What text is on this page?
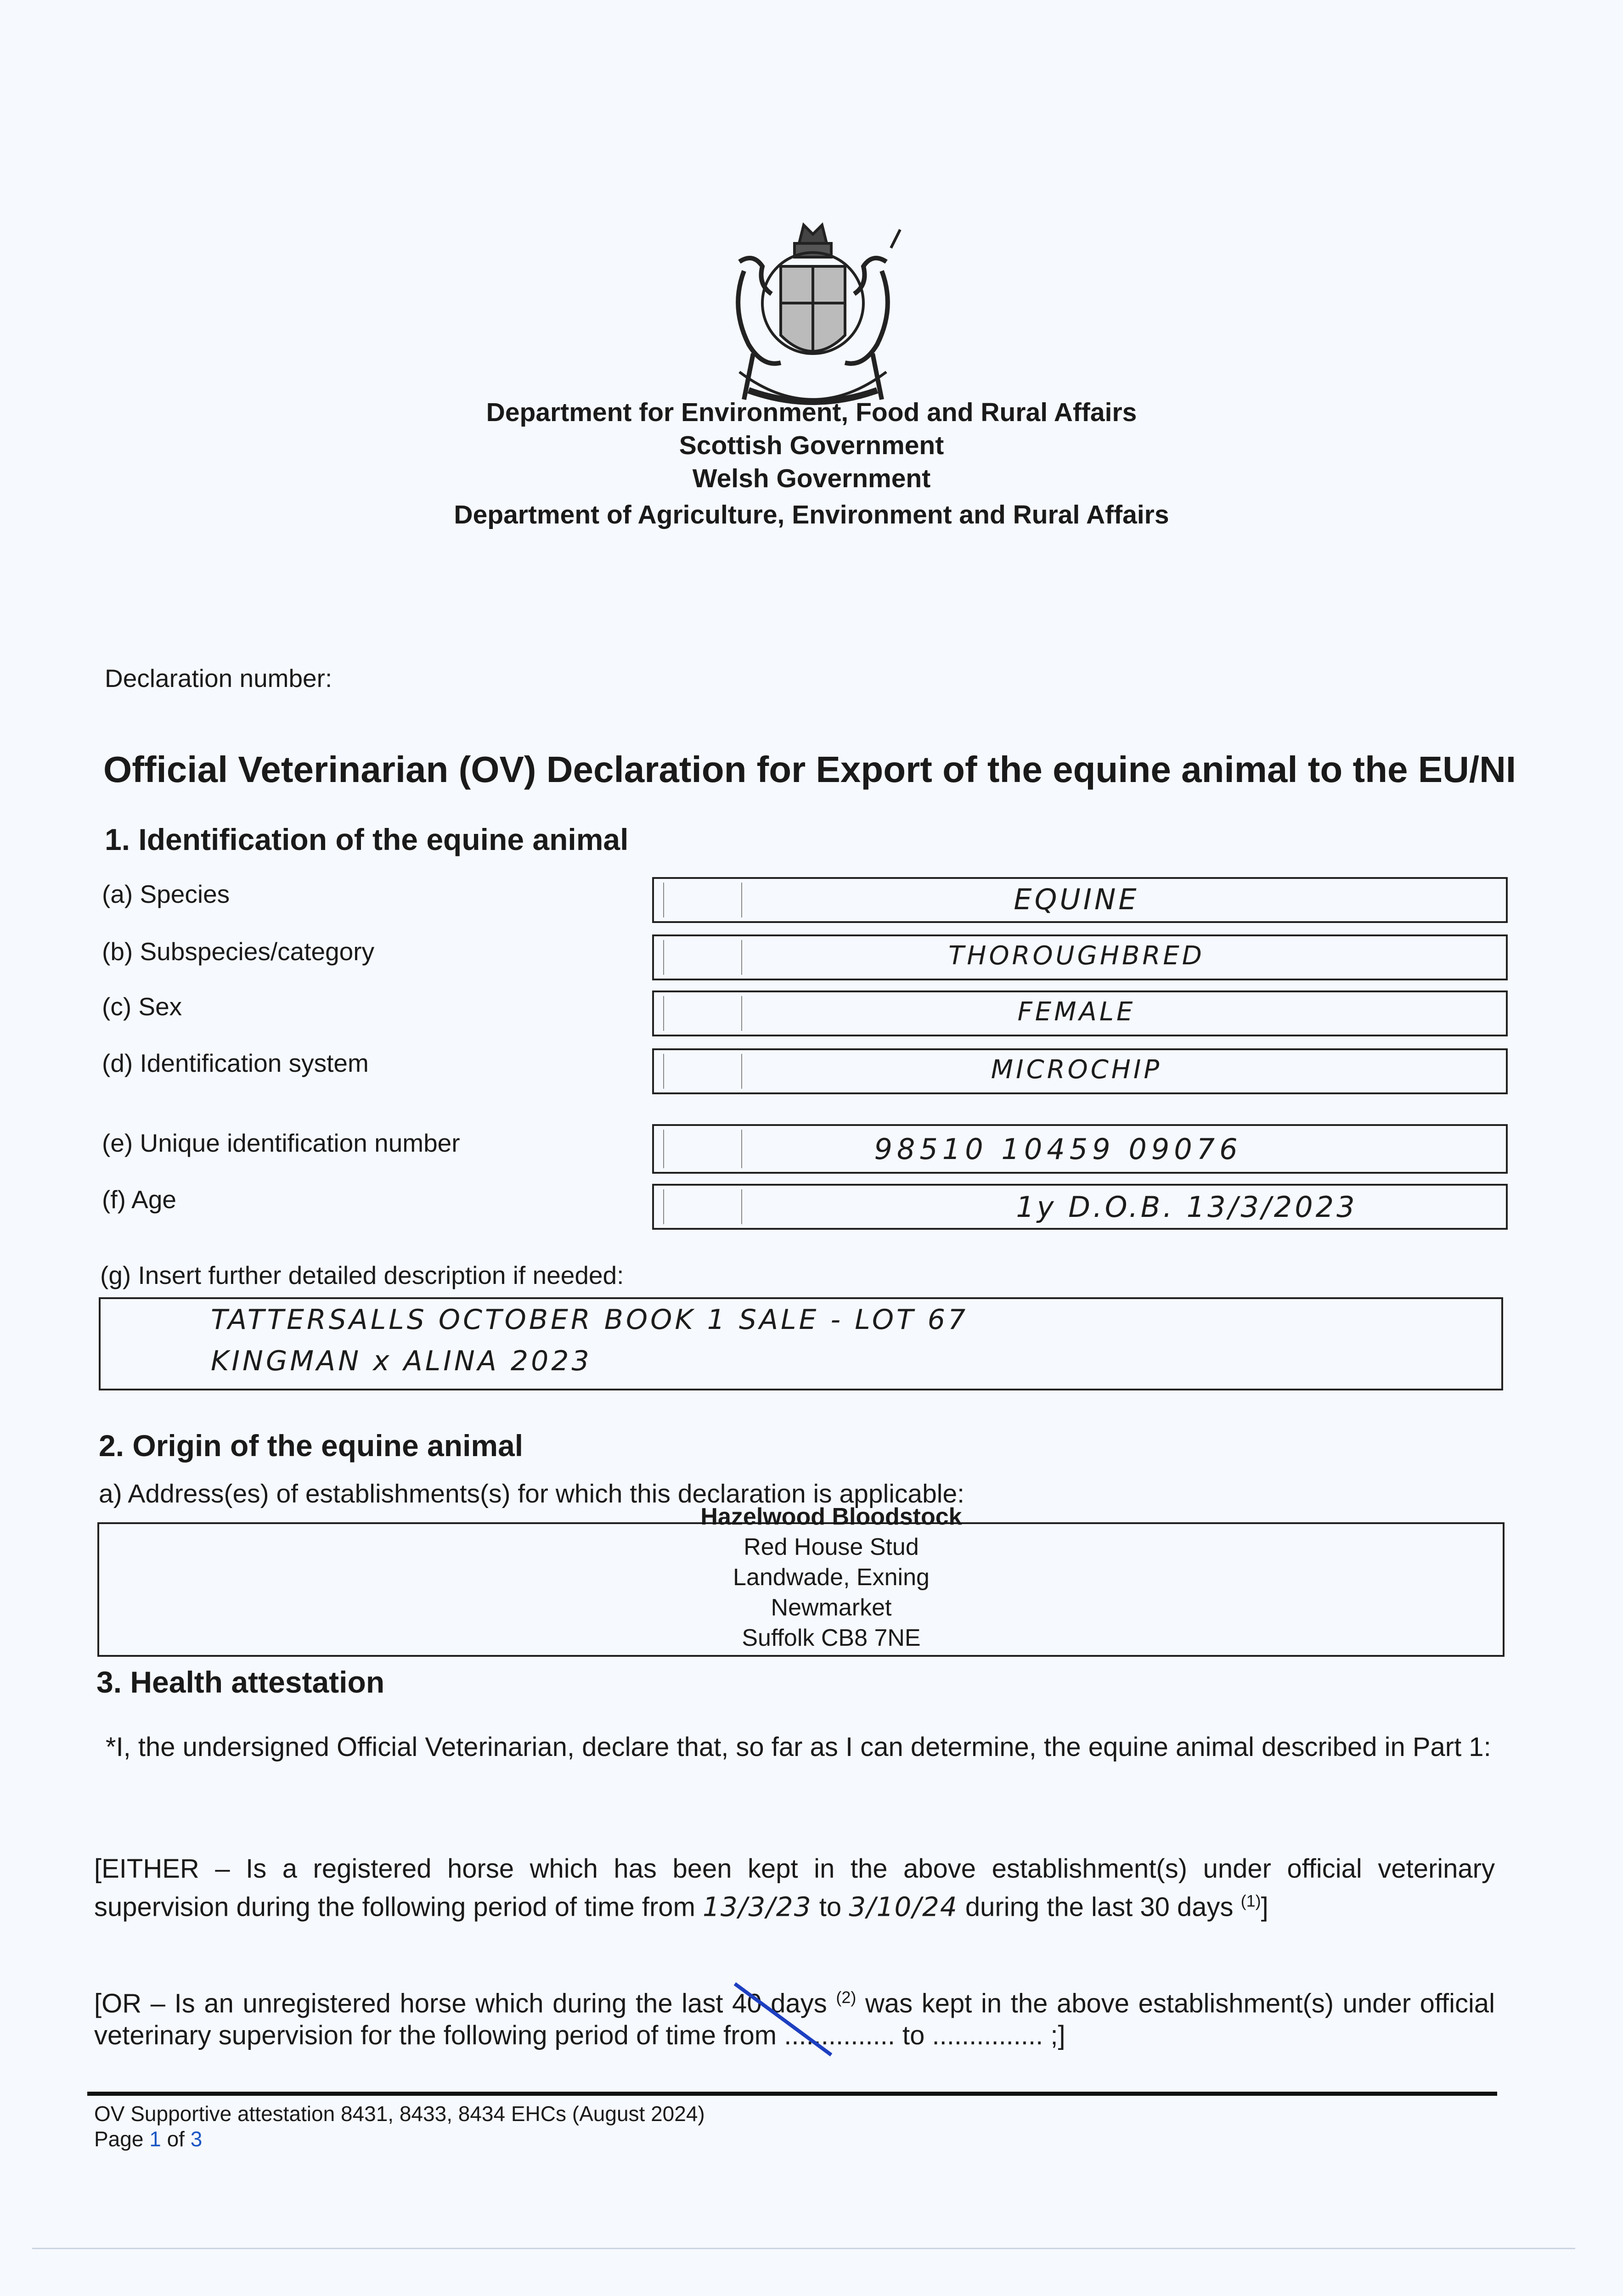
Department for Environment, Food and Rural Affairs
Scottish Government
Welsh Government
Department of Agriculture, Environment and Rural Affairs
Declaration number:
Official Veterinarian (OV) Declaration for Export of the equine animal to the EU/NI
1. Identification of the equine animal
(a) Species	EQUINE
(b) Subspecies/category	THOROUGHBRED
(c) Sex	FEMALE
(d) Identification system	MICROCHIP
(e) Unique identification number	98510 10459 09076
(f) Age	1y D.O.B. 13/3/2023
(g) Insert further detailed description if needed:
TATTERSALLS OCTOBER BOOK 1 SALE - LOT 67
KINGMAN x ALINA 2023
2. Origin of the equine animal
a) Address(es) of establishments(s) for which this declaration is applicable:
Hazelwood Bloodstock
Red House Stud
Landwade, Exning
Newmarket
Suffolk CB8 7NE
3. Health attestation
*I, the undersigned Official Veterinarian, declare that, so far as I can determine, the equine animal described in Part 1:
[EITHER – Is a registered horse which has been kept in the above establishment(s) under official veterinary supervision during the following period of time from 13/3/23 to 3/10/24 during the last 30 days $^{(1)}$]
[OR – Is an unregistered horse which during the last 40 days $^{(2)}$ was kept in the above establishment(s) under official veterinary supervision for the following period of time from ............... to ............... ;]
OV Supportive attestation 8431, 8433, 8434 EHCs (August 2024)
Page 1 of 3
